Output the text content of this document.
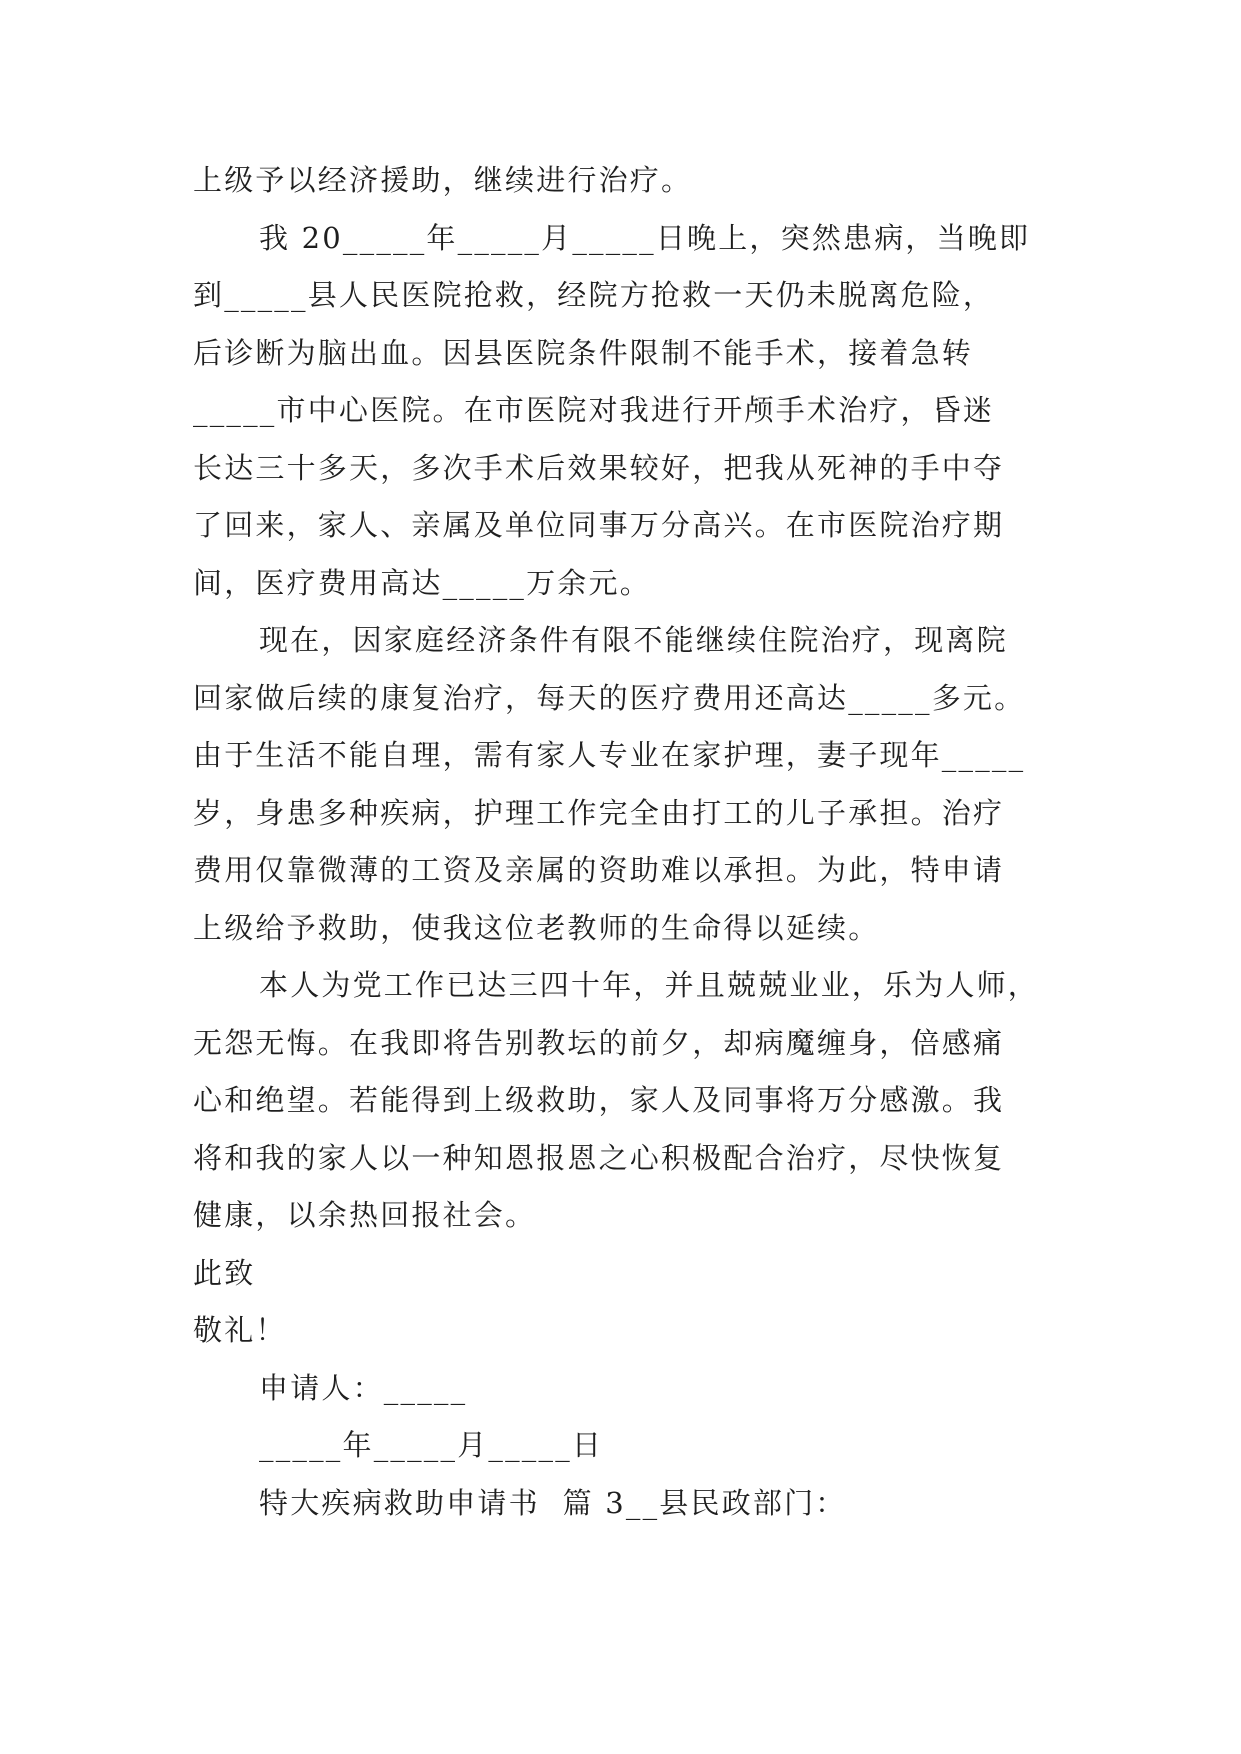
上级予以经济援助，继续进行治疗。
我 20_____年_____月_____日晚上，突然患病，当晚即
到_____县人民医院抢救，经院方抢救一天仍未脱离危险，
后诊断为脑出血。因县医院条件限制不能手术，接着急转
_____市中心医院。在市医院对我进行开颅手术治疗，昏迷
长达三十多天，多次手术后效果较好，把我从死神的手中夺
了回来，家人、亲属及单位同事万分高兴。在市医院治疗期
间，医疗费用高达_____万余元。
现在，因家庭经济条件有限不能继续住院治疗，现离院
回家做后续的康复治疗，每天的医疗费用还高达_____多元。
由于生活不能自理，需有家人专业在家护理，妻子现年_____
岁，身患多种疾病，护理工作完全由打工的儿子承担。治疗
费用仅靠微薄的工资及亲属的资助难以承担。为此，特申请
上级给予救助，使我这位老教师的生命得以延续。
本人为党工作已达三四十年，并且兢兢业业，乐为人师，
无怨无悔。在我即将告别教坛的前夕，却病魔缠身，倍感痛
心和绝望。若能得到上级救助，家人及同事将万分感激。我
将和我的家人以一种知恩报恩之心积极配合治疗，尽快恢复
健康，以余热回报社会。
此致
敬礼！
申请人：_____
_____年_____月_____日
特大疾病救助申请书  篇 3__县民政部门：
